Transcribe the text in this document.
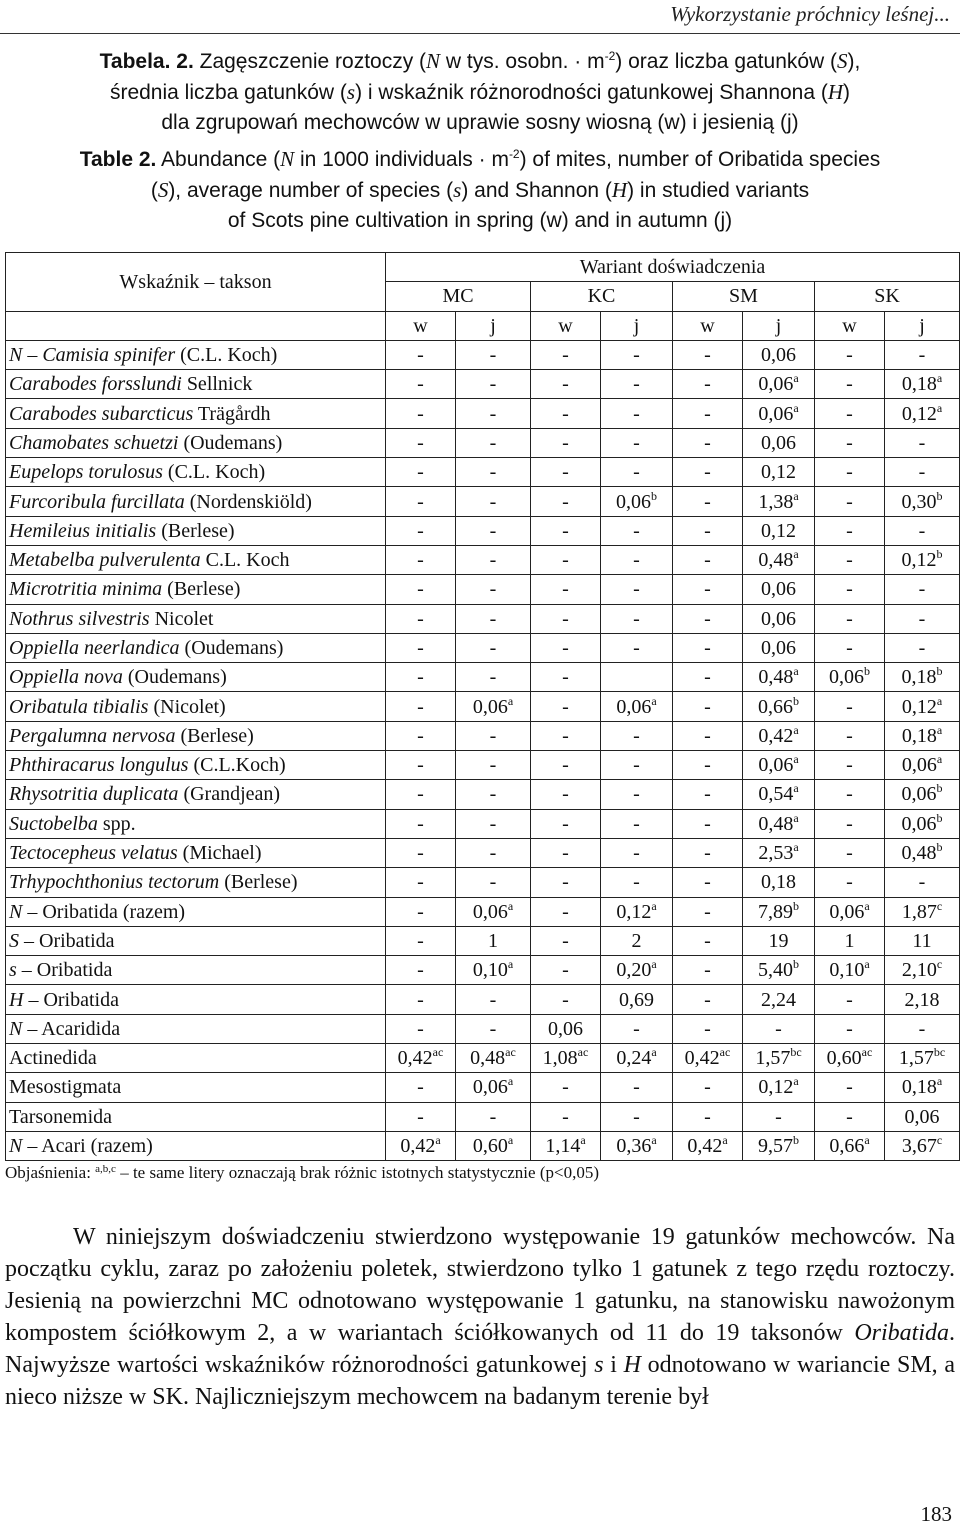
Wykorzystanie próchnicy leśnej...
Tabela. 2. Zagęszczenie roztoczy (N w tys. osobn. · $m^{-2}$) oraz liczba gatunków (S),
średnia liczba gatunków (s) i wskaźnik różnorodności gatunkowej Shannona (H)
dla zgrupowań mechowców w uprawie sosny wiosną (w) i jesienią (j)
Table 2. Abundance (N in 1000 individuals · $m^{-2}$) of mites, number of Oribatida species
(S), average number of species (s) and Shannon (H) in studied variants
of Scots pine cultivation in spring (w) and in autumn (j)
Wskaźnik – takson	Wariant doświadczenia							
	MC		KC		SM		SK	
	w	j	w	j	w	j	w	j
N – Camisia spinifer (C.L. Koch)	-	-	-	-	-	0,06	-	-
Carabodes forsslundi Sellnick	-	-	-	-	-	0,06$^a$	-	0,18$^a$
Carabodes subarcticus Trägårdh	-	-	-	-	-	0,06$^a$	-	0,12$^a$
Chamobates schuetzi (Oudemans)	-	-	-	-	-	0,06	-	-
Eupelops torulosus (C.L. Koch)	-	-	-	-	-	0,12	-	-
Furcoribula furcillata (Nordenskiöld)	-	-	-	0,06$^b$	-	1,38$^a$	-	0,30$^b$
Hemileius initialis (Berlese)	-	-	-	-	-	0,12	-	-
Metabelba pulverulenta C.L. Koch	-	-	-	-	-	0,48$^a$	-	0,12$^b$
Microtritia minima (Berlese)	-	-	-	-	-	0,06	-	-
Nothrus silvestris Nicolet	-	-	-	-	-	0,06	-	-
Oppiella neerlandica (Oudemans)	-	-	-	-	-	0,06	-	-
Oppiella nova (Oudemans)	-	-	-		-	0,48$^a$	0,06$^b$	0,18$^b$
Oribatula tibialis (Nicolet)	-	0,06$^a$	-	0,06$^a$	-	0,66$^b$	-	0,12$^a$
Pergalumna nervosa (Berlese)	-	-	-	-	-	0,42$^a$	-	0,18$^a$
Phthiracarus longulus (C.L.Koch)	-	-	-	-	-	0,06$^a$	-	0,06$^a$
Rhysotritia duplicata (Grandjean)	-	-	-	-	-	0,54$^a$	-	0,06$^b$
Suctobelba spp.	-	-	-	-	-	0,48$^a$	-	0,06$^b$
Tectocepheus velatus (Michael)	-	-	-	-	-	2,53$^a$	-	0,48$^b$
Trhypochthonius tectorum (Berlese)	-	-	-	-	-	0,18	-	-
N – Oribatida (razem)	-	0,06$^a$	-	0,12$^a$	-	7,89$^b$	0,06$^a$	1,87$^c$
S – Oribatida	-	1	-	2	-	19	1	11
s – Oribatida	-	0,10$^a$	-	0,20$^a$	-	5,40$^b$	0,10$^a$	2,10$^c$
H – Oribatida	-	-	-	0,69	-	2,24	-	2,18
N – Acaridida	-	-	0,06	-	-	-	-	-
Actinedida	0,42$^{ac}$	0,48$^{ac}$	1,08$^{ac}$	0,24$^a$	0,42$^{ac}$	1,57$^{bc}$	0,60$^{ac}$	1,57$^{bc}$
Mesostigmata	-	0,06$^a$	-	-	-	0,12$^a$	-	0,18$^a$
Tarsonemida	-	-	-	-	-	-	-	0,06
N – Acari (razem)	0,42$^a$	0,60$^a$	1,14$^a$	0,36$^a$	0,42$^a$	9,57$^b$	0,66$^a$	3,67$^c$
Objaśnienia: $^{a,b,c}$ – te same litery oznaczają brak różnic istotnych statystycznie (p<0,05)

W niniejszym doświadczeniu stwierdzono występowanie 19 gatunków mechowców. Na początku cyklu, zaraz po założeniu poletek, stwierdzono tylko 1 gatunek z tego rzędu roztoczy. Jesienią na powierzchni MC odnotowano występowanie 1 gatunku, na stanowisku nawożonym kompostem ściółkowym 2, a w wariantach ściółkowanych od 11 do 19 taksonów Oribatida. Najwyższe wartości wskaźników różnorodności gatunkowej s i H odnotowano w wariancie SM, a nieco niższe w SK. Najliczniejszym mechowcem na badanym terenie był

183
